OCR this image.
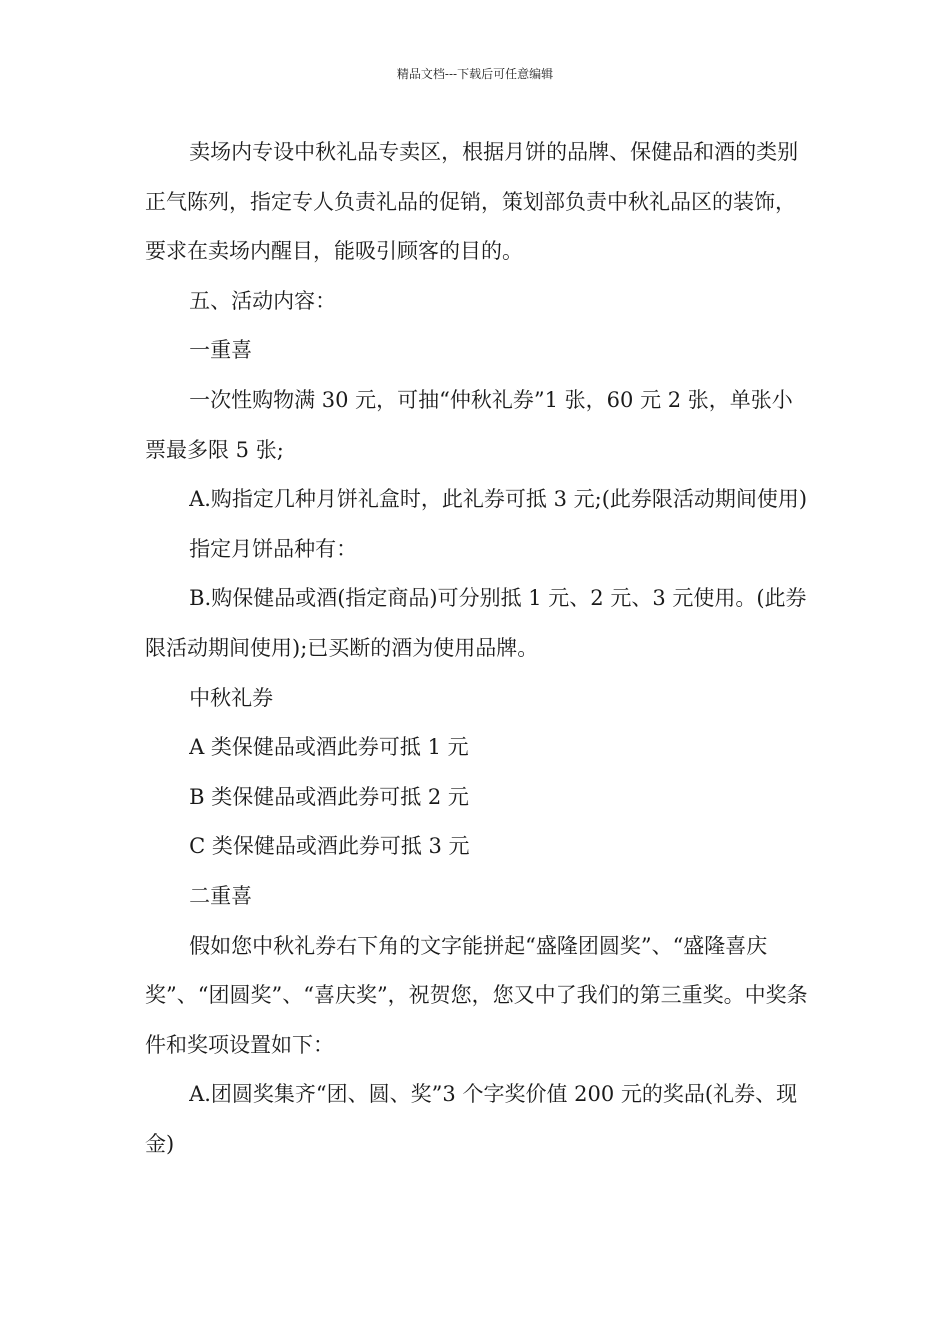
精品文档---下载后可任意编辑

卖场内专设中秋礼品专卖区，根据月饼的品牌、保健品和酒的类别正气陈列，指定专人负责礼品的促销，策划部负责中秋礼品区的装饰，要求在卖场内醒目，能吸引顾客的目的。

五、活动内容：

一重喜

一次性购物满 30 元，可抽“仲秋礼券”1 张，60 元 2 张，单张小票最多限 5 张;

A.购指定几种月饼礼盒时，此礼券可抵 3 元;(此券限活动期间使用)

指定月饼品种有：

B.购保健品或酒(指定商品)可分别抵 1 元、2 元、3 元使用。(此券限活动期间使用);已买断的酒为使用品牌。

中秋礼券

A 类保健品或酒此券可抵 1 元

B 类保健品或酒此券可抵 2 元

C 类保健品或酒此券可抵 3 元

二重喜

假如您中秋礼券右下角的文字能拼起“盛隆团圆奖”、“盛隆喜庆奖”、“团圆奖”、“喜庆奖”，祝贺您，您又中了我们的第三重奖。中奖条件和奖项设置如下：

A.团圆奖集齐“团、圆、奖”3 个字奖价值 200 元的奖品(礼券、现金)
